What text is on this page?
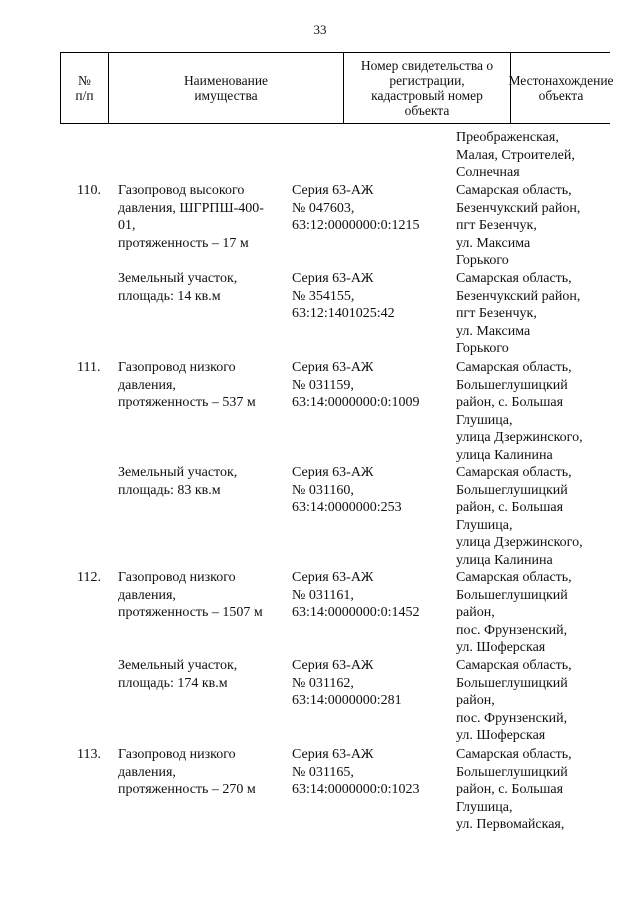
33
№
п/п
Наименование
имущества
Номер свидетельства о
регистрации,
кадастровый номер
объекта
Местонахождение
объекта
Преображенская,
Малая, Строителей,
Солнечная
110. Газопровод высокого
давления, ШГРПШ-400-
01,
протяженность – 17 м
Серия 63-АЖ
№ 047603,
63:12:0000000:0:1215
Самарская область,
Безенчукский район,
пгт Безенчук,
ул. Максима
Горького
Земельный участок,
площадь: 14 кв.м
Серия 63-АЖ
№ 354155,
63:12:1401025:42
Самарская область,
Безенчукский район,
пгт Безенчук,
ул. Максима
Горького
111. Газопровод низкого
давления,
протяженность – 537 м
Серия 63-АЖ
№ 031159,
63:14:0000000:0:1009
Самарская область,
Большеглушицкий
район, с. Большая
Глушица,
улица Дзержинского,
улица Калинина
Земельный участок,
площадь: 83 кв.м
Серия 63-АЖ
№ 031160,
63:14:0000000:253
Самарская область,
Большеглушицкий
район, с. Большая
Глушица,
улица Дзержинского,
улица Калинина
112. Газопровод низкого
давления,
протяженность – 1507 м
Серия 63-АЖ
№ 031161,
63:14:0000000:0:1452
Самарская область,
Большеглушицкий
район,
пос. Фрунзенский,
ул. Шоферская
Земельный участок,
площадь: 174 кв.м
Серия 63-АЖ
№ 031162,
63:14:0000000:281
Самарская область,
Большеглушицкий
район,
пос. Фрунзенский,
ул. Шоферская
113. Газопровод низкого
давления,
протяженность – 270 м
Серия 63-АЖ
№ 031165,
63:14:0000000:0:1023
Самарская область,
Большеглушицкий
район, с. Большая
Глушица,
ул. Первомайская,
